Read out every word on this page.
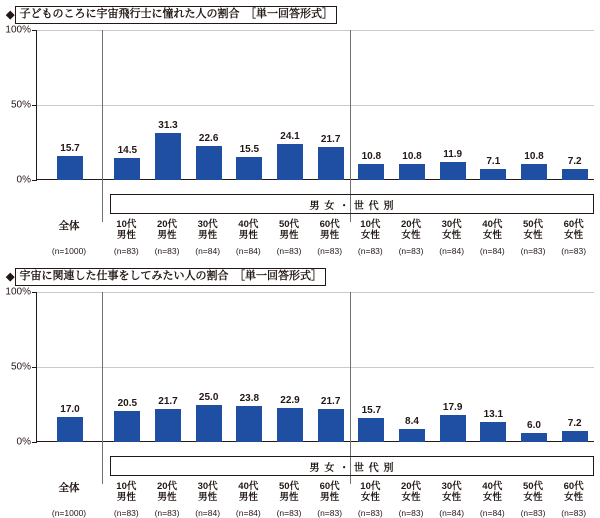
◆ 子どものころに宇宙飛行士に憧れた人の割合　［単一回答形式］
100%
50%
0%
15.7	14.5
31.3
22.6
15.5
24.1 21.7
10.8 10.8 11.9
7.1
10.8 7.2
男 女 ・ 世 代 別
全体
(n=1000)
10代
男性
(n=83)
20代
男性
(n=83)
30代
男性
(n=84)
40代
男性
(n=84)
50代
男性
(n=83)
60代
男性
(n=83)
10代
女性
(n=83)
20代
女性
(n=83)
30代
女性
(n=84)
40代
女性
(n=84)
50代
女性
(n=83)
60代
女性
(n=83)
◆ 宇宙に関連した仕事をしてみたい人の割合　［単一回答形式］
100%
50%
0%
17.0	20.5 21.7 25.0 23.8 22.9 21.7
15.7
8.4
17.9
13.1
6.0	7.2
男 女 ・ 世 代 別
全体
(n=1000)
10代
男性
(n=83)
20代
男性
(n=83)
30代
男性
(n=84)
40代
男性
(n=84)
50代
男性
(n=83)
60代
男性
(n=83)
10代
女性
(n=83)
20代
女性
(n=83)
30代
女性
(n=84)
40代
女性
(n=84)
50代
女性
(n=83)
60代
女性
(n=83)
